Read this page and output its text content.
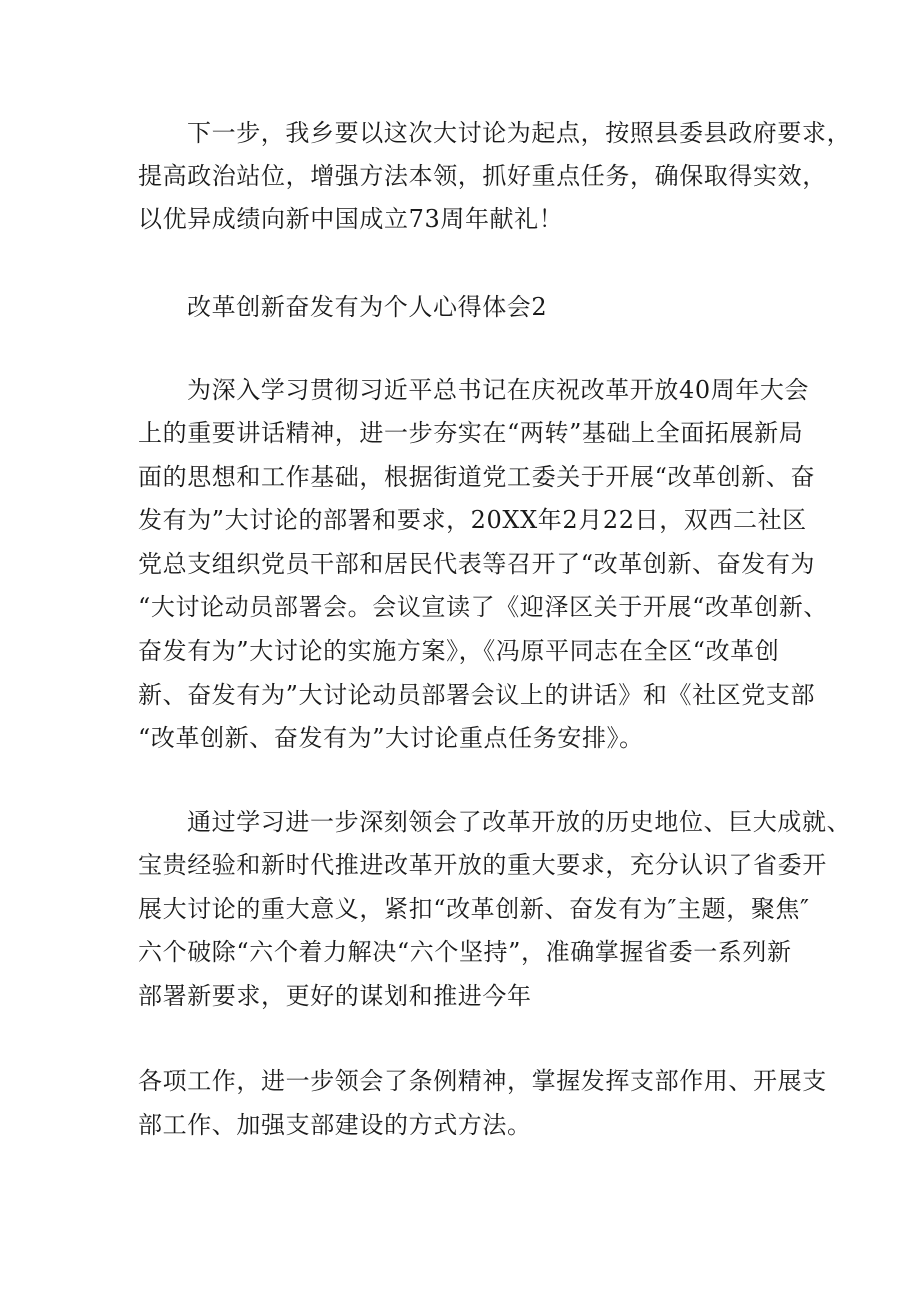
下一步，我乡要以这次大讨论为起点，按照县委县政府要求，
提高政治站位，增强方法本领，抓好重点任务，确保取得实效，
以优异成绩向新中国成立73周年献礼！
改革创新奋发有为个人心得体会2
为深入学习贯彻习近平总书记在庆祝改革开放40周年大会
上的重要讲话精神，进一步夯实在“两转”基础上全面拓展新局
面的思想和工作基础，根据街道党工委关于开展“改革创新、奋
发有为”大讨论的部署和要求，20XX年2月22日，双西二社区
党总支组织党员干部和居民代表等召开了“改革创新、奋发有为
“大讨论动员部署会。会议宣读了《迎泽区关于开展“改革创新、
奋发有为”大讨论的实施方案》，《冯原平同志在全区“改革创
新、奋发有为”大讨论动员部署会议上的讲话》和《社区党支部
“改革创新、奋发有为”大讨论重点任务安排》。
通过学习进一步深刻领会了改革开放的历史地位、巨大成就、
宝贵经验和新时代推进改革开放的重大要求，充分认识了省委开
展大讨论的重大意义，紧扣“改革创新、奋发有为″主题，聚焦″
六个破除“六个着力解决“六个坚持”，准确掌握省委一系列新
部署新要求，更好的谋划和推进今年
各项工作，进一步领会了条例精神，掌握发挥支部作用、开展支
部工作、加强支部建设的方式方法。
